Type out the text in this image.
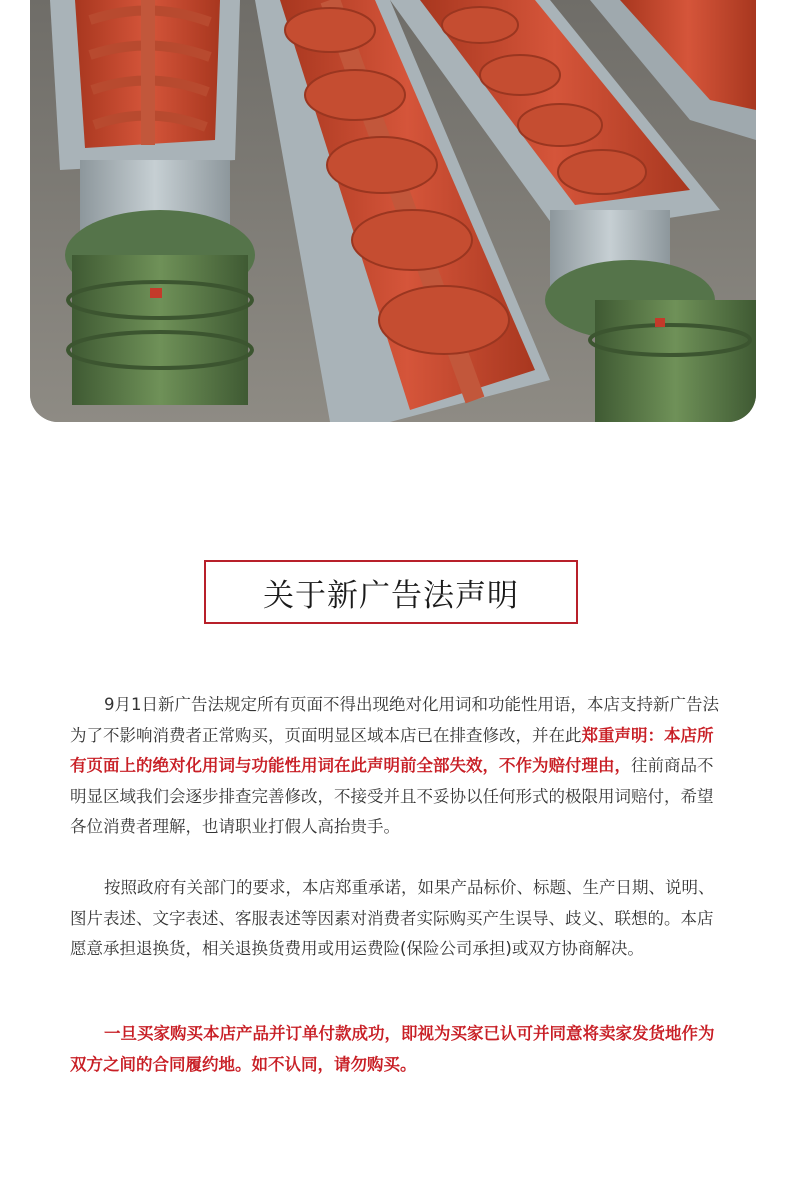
关于新广告法声明

9月1日新广告法规定所有页面不得出现绝对化用词和功能性用语，本店支持新广告法为了不影响消费者正常购买，页面明显区域本店已在排查修改，并在此郑重声明：本店所有页面上的绝对化用词与功能性用词在此声明前全部失效，不作为赔付理由，往前商品不明显区域我们会逐步排查完善修改，不接受并且不妥协以任何形式的极限用词赔付，希望各位消费者理解，也请职业打假人高抬贵手。

按照政府有关部门的要求，本店郑重承诺，如果产品标价、标题、生产日期、说明、图片表述、文字表述、客服表述等因素对消费者实际购买产生误导、歧义、联想的。本店愿意承担退换货，相关退换货费用或用运费险(保险公司承担)或双方协商解决。

一旦买家购买本店产品并订单付款成功，即视为买家已认可并同意将卖家发货地作为双方之间的合同履约地。如不认同，请勿购买。
